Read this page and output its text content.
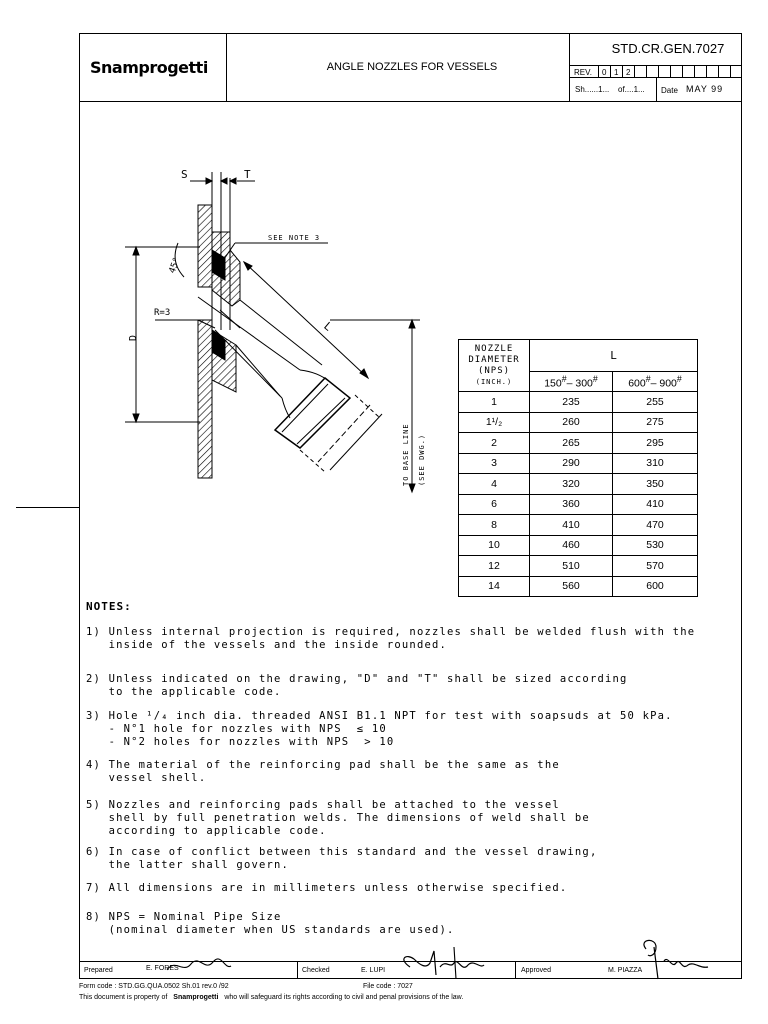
Snamprogetti	ANGLE NOZZLES FOR VESSELS
STD.CR.GEN.7027
REV. 0 1 2
Sh......1... of....1... Date MAY 99
S	T
SEE NOTE 3
45°
R=3
D
L
TO BASE LINE (SEE DWG.)
NOZZLE
DIAMETER
(NPS)
(INCH.)	L	
	150#– 300#	600#– 900#
1	235	255
1¹/₂	260	275
2	265	295
3	290	310
4	320	350
6	360	410
8	410	470
10	460	530
12	510	570
14	560	600
NOTES:
1) Unless internal projection is required, nozzles shall be welded flush with the
inside of the vessels and the inside rounded.
2) Unless indicated on the drawing, "D" and "T" shall be sized according
to the applicable code.
3) Hole ¹/₄ inch dia. threaded ANSI B1.1 NPT for test with soapsuds at 50 kPa.
- N°1 hole for nozzles with NPS  ≤ 10
- N°2 holes for nozzles with NPS  > 10
4) The material of the reinforcing pad shall be the same as the
vessel shell.
5) Nozzles and reinforcing pads shall be attached to the vessel
shell by full penetration welds. The dimensions of weld shall be
according to applicable code.
6) In case of conflict between this standard and the vessel drawing,
the latter shall govern.
7) All dimensions are in millimeters unless otherwise specified.
8) NPS = Nominal Pipe Size
(nominal diameter when US standards are used).
Prepared	E. FORES	Checked	E. LUPI	Approved	M. PIAZZA
Form code : STD.GG.QUA.0502 Sh.01 rev.0 /92	File code : 7027
This document is property of Snamprogetti who will safeguard its rights according to civil and penal provisions of the law.
